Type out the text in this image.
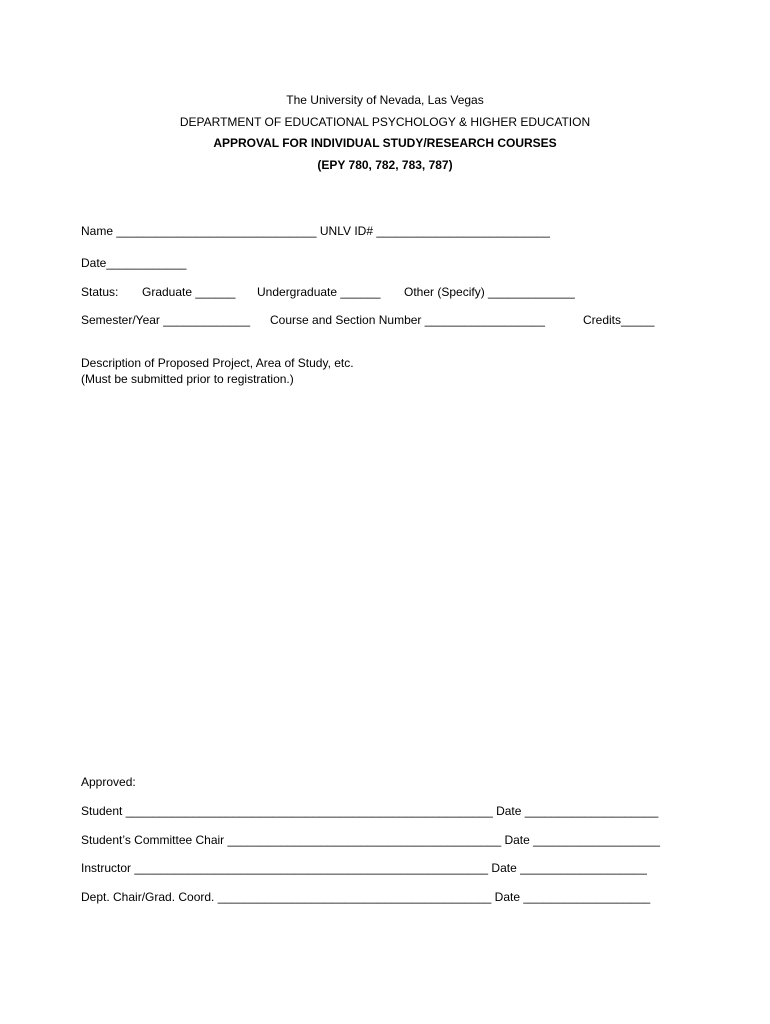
The University of Nevada, Las Vegas
DEPARTMENT OF EDUCATIONAL PSYCHOLOGY & HIGHER EDUCATION
APPROVAL FOR INDIVIDUAL STUDY/RESEARCH COURSES
(EPY 780, 782, 783, 787)
Name ______________________________ UNLV ID# __________________________
Date____________
Status: Graduate ______ Undergraduate ______ Other (Specify) _____________
Semester/Year _____________ Course and Section Number __________________	Credits_____
Description of Proposed Project, Area of Study, etc.
(Must be submitted prior to registration.)
Approved:
Student _______________________________________________________ Date ____________________
Student’s Committee Chair _________________________________________ Date ___________________
Instructor _____________________________________________________ Date ___________________
Dept. Chair/Grad. Coord. _________________________________________ Date ___________________
